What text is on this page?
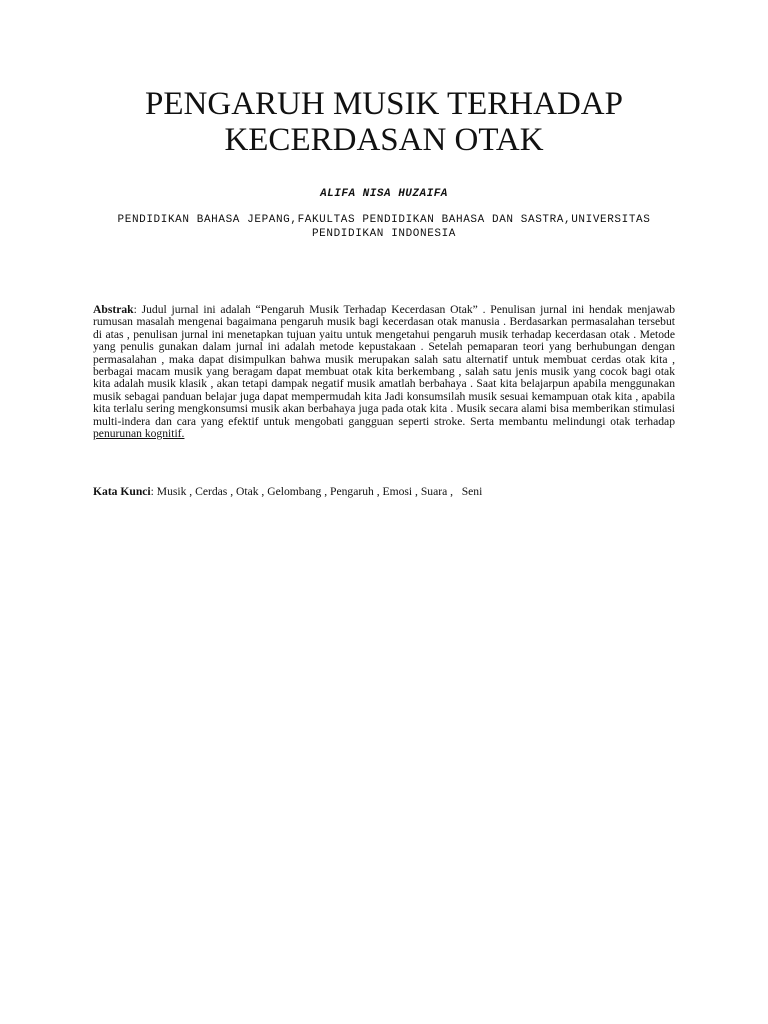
PENGARUH MUSIK TERHADAP KECERDASAN OTAK

ALIFA NISA HUZAIFA

PENDIDIKAN BAHASA JEPANG,FAKULTAS PENDIDIKAN BAHASA DAN SASTRA,UNIVERSITAS PENDIDIKAN INDONESIA

Abstrak: Judul jurnal ini adalah “Pengaruh Musik Terhadap Kecerdasan Otak” . Penulisan jurnal ini hendak menjawab rumusan masalah mengenai bagaimana pengaruh musik bagi kecerdasan otak manusia . Berdasarkan permasalahan tersebut di atas , penulisan jurnal ini menetapkan tujuan yaitu untuk mengetahui pengaruh musik terhadap kecerdasan otak . Metode yang penulis gunakan dalam jurnal ini adalah metode kepustakaan . Setelah pemaparan teori yang berhubungan dengan permasalahan , maka dapat disimpulkan bahwa musik merupakan salah satu alternatif untuk membuat cerdas otak kita , berbagai macam musik yang beragam dapat membuat otak kita berkembang , salah satu jenis musik yang cocok bagi otak kita adalah musik klasik , akan tetapi dampak negatif musik amatlah berbahaya . Saat kita belajarpun apabila menggunakan musik sebagai panduan belajar juga dapat mempermudah kita Jadi konsumsilah musik sesuai kemampuan otak kita , apabila kita terlalu sering mengkonsumsi musik akan berbahaya juga pada otak kita . Musik secara alami bisa memberikan stimulasi multi-indera dan cara yang efektif untuk mengobati gangguan seperti stroke. Serta membantu melindungi otak terhadap penurunan kognitif.

Kata Kunci: Musik , Cerdas , Otak , Gelombang , Pengaruh , Emosi , Suara ,   Seni
